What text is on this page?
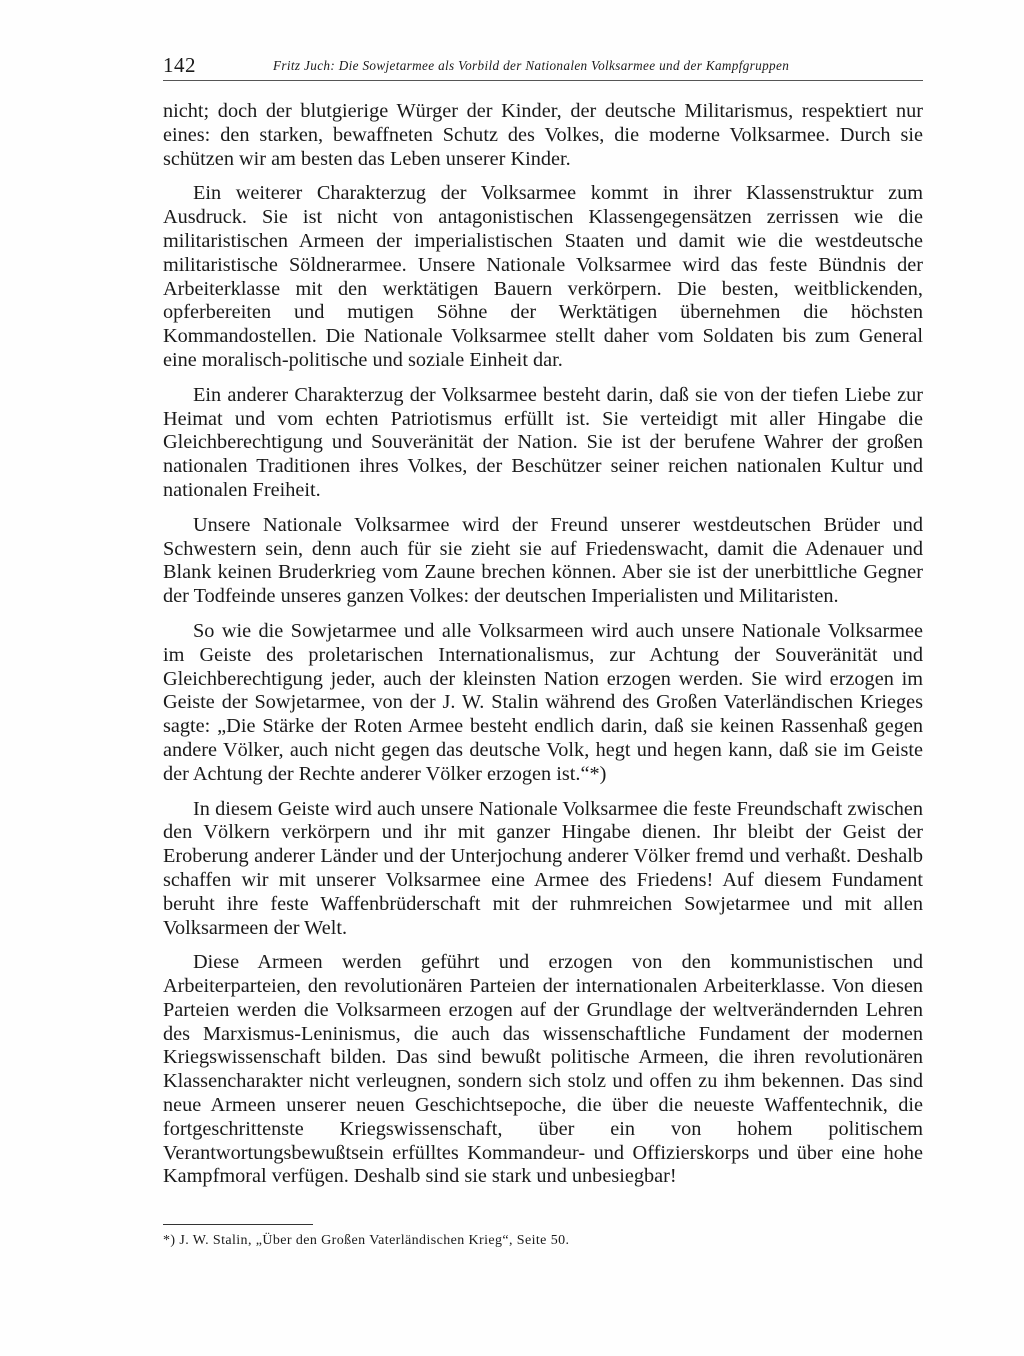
142	Fritz Juch: Die Sowjetarmee als Vorbild der Nationalen Volksarmee und der Kampfgruppen

nicht; doch der blutgierige Würger der Kinder, der deutsche Militarismus, respektiert nur eines: den starken, bewaffneten Schutz des Volkes, die moderne Volksarmee. Durch sie schützen wir am besten das Leben unserer Kinder.

Ein weiterer Charakterzug der Volksarmee kommt in ihrer Klassenstruktur zum Ausdruck. Sie ist nicht von antagonistischen Klassengegensätzen zerrissen wie die militaristischen Armeen der imperialistischen Staaten und damit wie die westdeutsche militaristische Söldnerarmee. Unsere Nationale Volksarmee wird das feste Bündnis der Arbeiterklasse mit den werktätigen Bauern verkörpern. Die besten, weitblickenden, opferbereiten und mutigen Söhne der Werktätigen übernehmen die höchsten Kommandostellen. Die Nationale Volksarmee stellt daher vom Soldaten bis zum General eine moralisch-politische und soziale Einheit dar.

Ein anderer Charakterzug der Volksarmee besteht darin, daß sie von der tiefen Liebe zur Heimat und vom echten Patriotismus erfüllt ist. Sie verteidigt mit aller Hingabe die Gleichberechtigung und Souveränität der Nation. Sie ist der berufene Wahrer der großen nationalen Traditionen ihres Volkes, der Beschützer seiner reichen nationalen Kultur und nationalen Freiheit.

Unsere Nationale Volksarmee wird der Freund unserer westdeutschen Brüder und Schwestern sein, denn auch für sie zieht sie auf Friedenswacht, damit die Adenauer und Blank keinen Bruderkrieg vom Zaune brechen können. Aber sie ist der unerbittliche Gegner der Todfeinde unseres ganzen Volkes: der deutschen Imperialisten und Militaristen.

So wie die Sowjetarmee und alle Volksarmeen wird auch unsere Nationale Volksarmee im Geiste des proletarischen Internationalismus, zur Achtung der Souveränität und Gleichberechtigung jeder, auch der kleinsten Nation erzogen werden. Sie wird erzogen im Geiste der Sowjetarmee, von der J. W. Stalin während des Großen Vaterländischen Krieges sagte: „Die Stärke der Roten Armee besteht endlich darin, daß sie keinen Rassenhaß gegen andere Völker, auch nicht gegen das deutsche Volk, hegt und hegen kann, daß sie im Geiste der Achtung der Rechte anderer Völker erzogen ist.“*)

In diesem Geiste wird auch unsere Nationale Volksarmee die feste Freundschaft zwischen den Völkern verkörpern und ihr mit ganzer Hingabe dienen. Ihr bleibt der Geist der Eroberung anderer Länder und der Unterjochung anderer Völker fremd und verhaßt. Deshalb schaffen wir mit unserer Volksarmee eine Armee des Friedens! Auf diesem Fundament beruht ihre feste Waffenbrüderschaft mit der ruhmreichen Sowjetarmee und mit allen Volksarmeen der Welt.

Diese Armeen werden geführt und erzogen von den kommunistischen und Arbeiterparteien, den revolutionären Parteien der internationalen Arbeiterklasse. Von diesen Parteien werden die Volksarmeen erzogen auf der Grundlage der weltverändernden Lehren des Marxismus-Leninismus, die auch das wissenschaftliche Fundament der modernen Kriegswissenschaft bilden. Das sind bewußt politische Armeen, die ihren revolutionären Klassencharakter nicht verleugnen, sondern sich stolz und offen zu ihm bekennen. Das sind neue Armeen unserer neuen Geschichtsepoche, die über die neueste Waffentechnik, die fortgeschrittenste Kriegswissenschaft, über ein von hohem politischem Verantwortungsbewußtsein erfülltes Kommandeur- und Offizierskorps und über eine hohe Kampfmoral verfügen. Deshalb sind sie stark und unbesiegbar!

*) J. W. Stalin, „Über den Großen Vaterländischen Krieg“, Seite 50.
